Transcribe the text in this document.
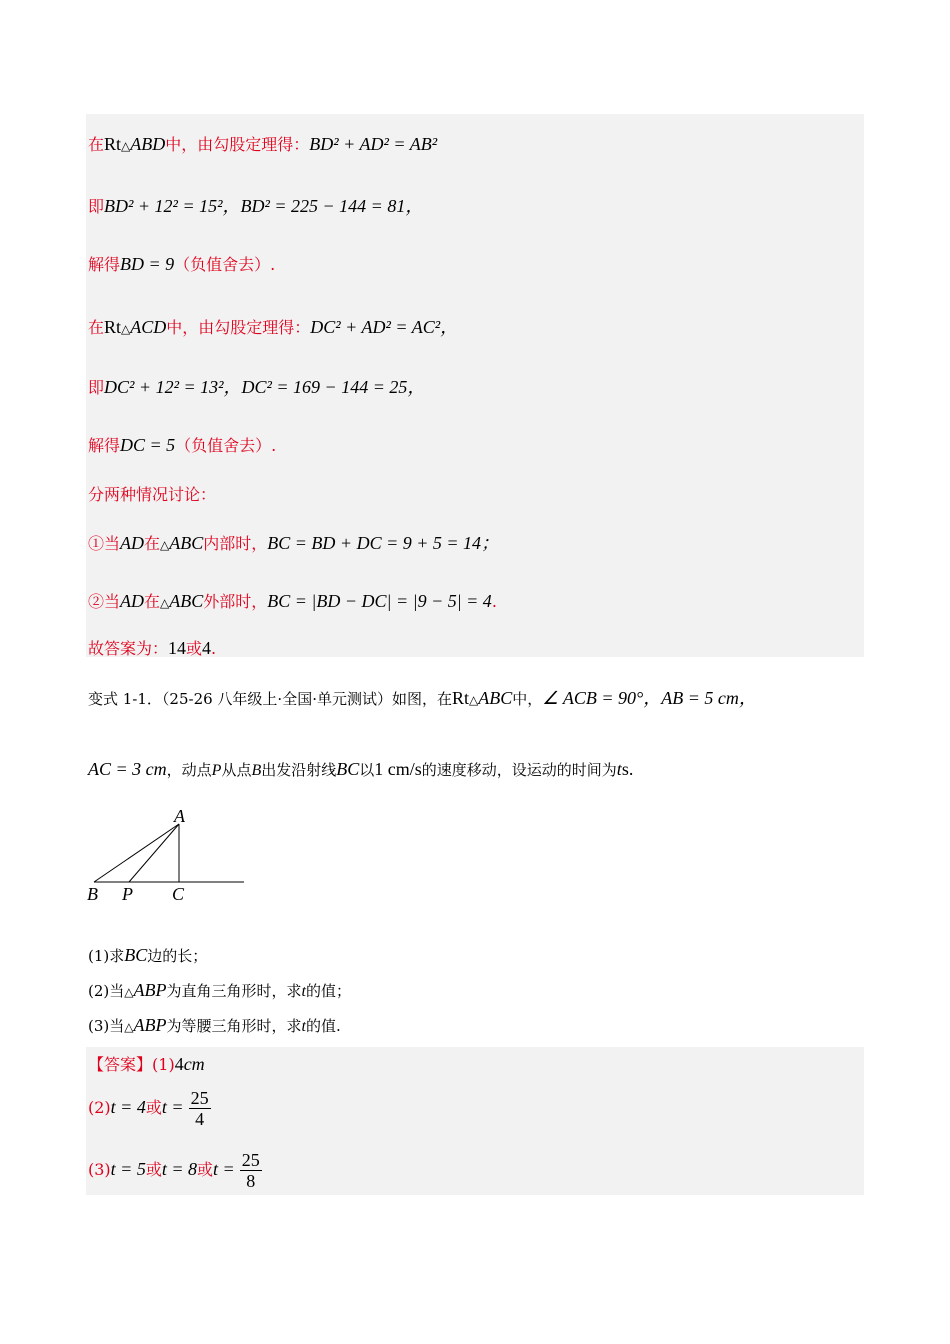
在Rt△ABD中，由勾股定理得：BD² + AD² = AB²
即BD² + 12² = 15²，BD² = 225 − 144 = 81，
解得BD = 9（负值舍去）.
在Rt△ACD中，由勾股定理得：DC² + AD² = AC²，
即DC² + 12² = 13²，DC² = 169 − 144 = 25，
解得DC = 5（负值舍去）.
分两种情况讨论：
①当AD在△ABC内部时，BC = BD + DC = 9 + 5 = 14；
②当AD在△ABC外部时，BC = |BD − DC| = |9 − 5| = 4.
故答案为：14或4.
变式 1-1．（25-26 八年级上·全国·单元测试）如图，在Rt△ABC中，∠ ACB = 90°，AB = 5 cm，
AC = 3 cm，动点P从点B出发沿射线BC以1 cm/s的速度移动，设运动的时间为ts.
A
B P C
(1)求BC边的长；
(2)当△ABP为直角三角形时，求t的值；
(3)当△ABP为等腰三角形时，求t的值.
【答案】(1)4cm
(2)t = 4或$t = \frac{25}{4}$
(3)t = 5或t = 8或$t = \frac{25}{8}$
